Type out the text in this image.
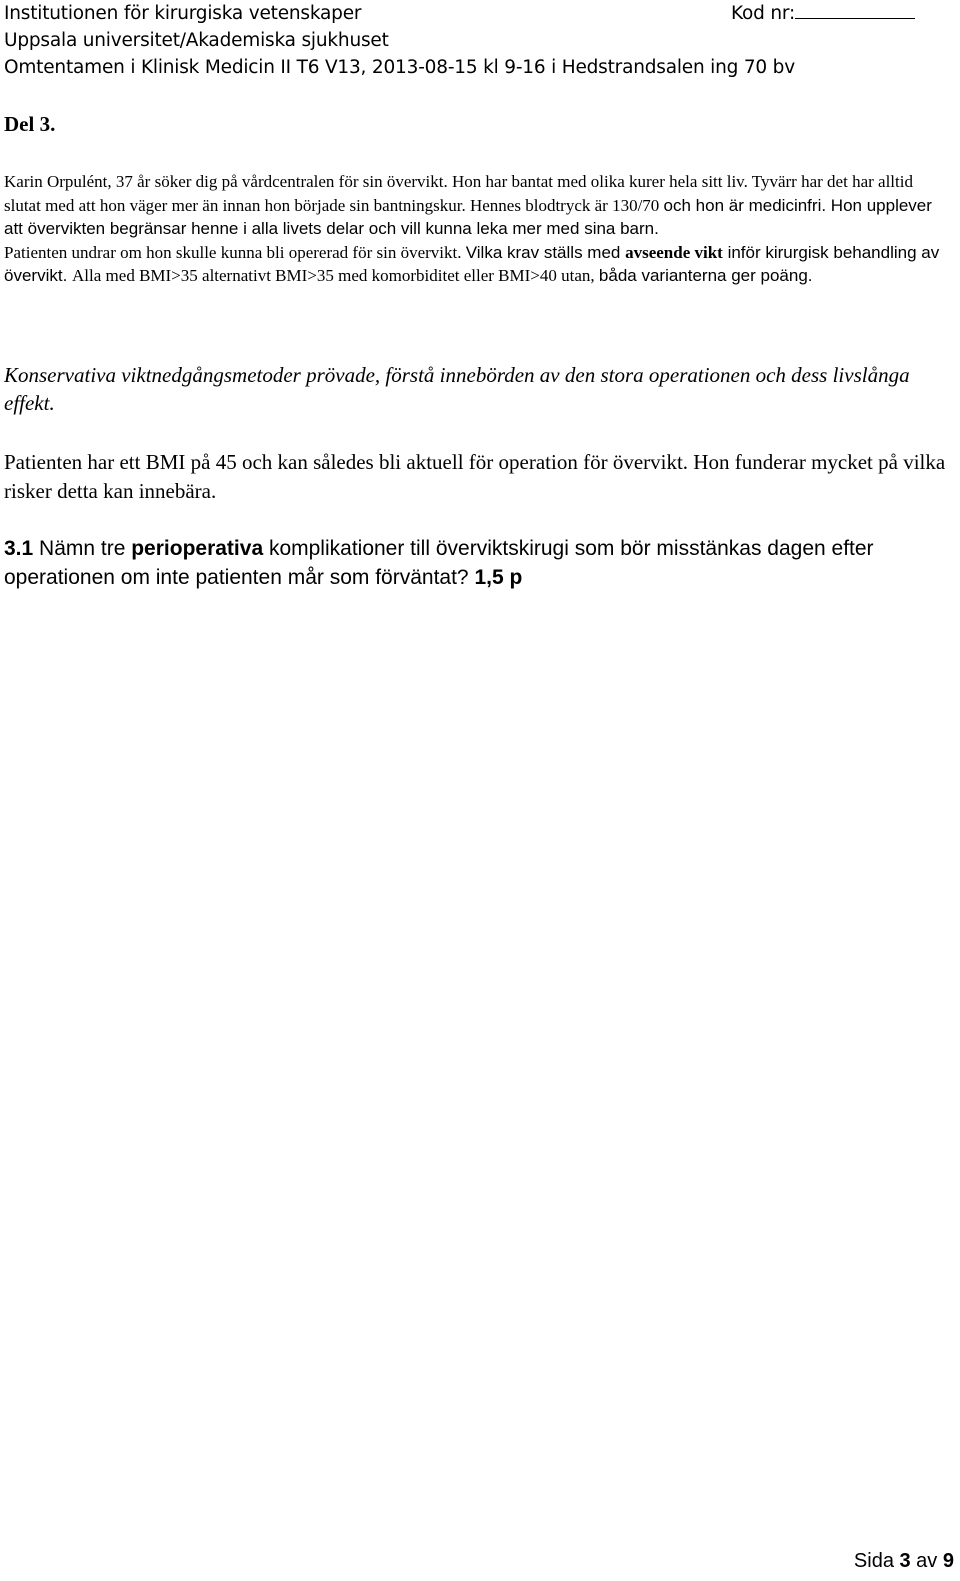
Institutionen för kirurgiska vetenskaper	Kod nr:
Uppsala universitet/Akademiska sjukhuset
Omtentamen i Klinisk Medicin II T6 V13, 2013-08-15 kl 9-16 i Hedstrandsalen ing 70 bv
Del 3.

Karin Orpulént, 37 år söker dig på vårdcentralen för sin övervikt. Hon har bantat med olika kurer hela sitt liv. Tyvärr har det har alltid slutat med att hon väger mer än innan hon började sin bantningskur. Hennes blodtryck är 130/70 och hon är medicinfri. Hon upplever att övervikten begränsar henne i alla livets delar och vill kunna leka mer med sina barn.

Patienten undrar om hon skulle kunna bli opererad för sin övervikt. Vilka krav ställs med avseende vikt inför kirurgisk behandling av övervikt. Alla med BMI>35 alternativt BMI>35 med komorbiditet eller BMI>40 utan, båda varianterna ger poäng.

Konservativa viktnedgångsmetoder prövade, förstå innebörden av den stora operationen och dess livslånga effekt.
Patienten har ett BMI på 45 och kan således bli aktuell för operation för övervikt. Hon funderar mycket på vilka risker detta kan innebära.
3.1 Nämn tre perioperativa komplikationer till överviktskirugi som bör misstänkas dagen efter operationen om inte patienten mår som förväntat? 1,5 p
Sida 3 av 9
